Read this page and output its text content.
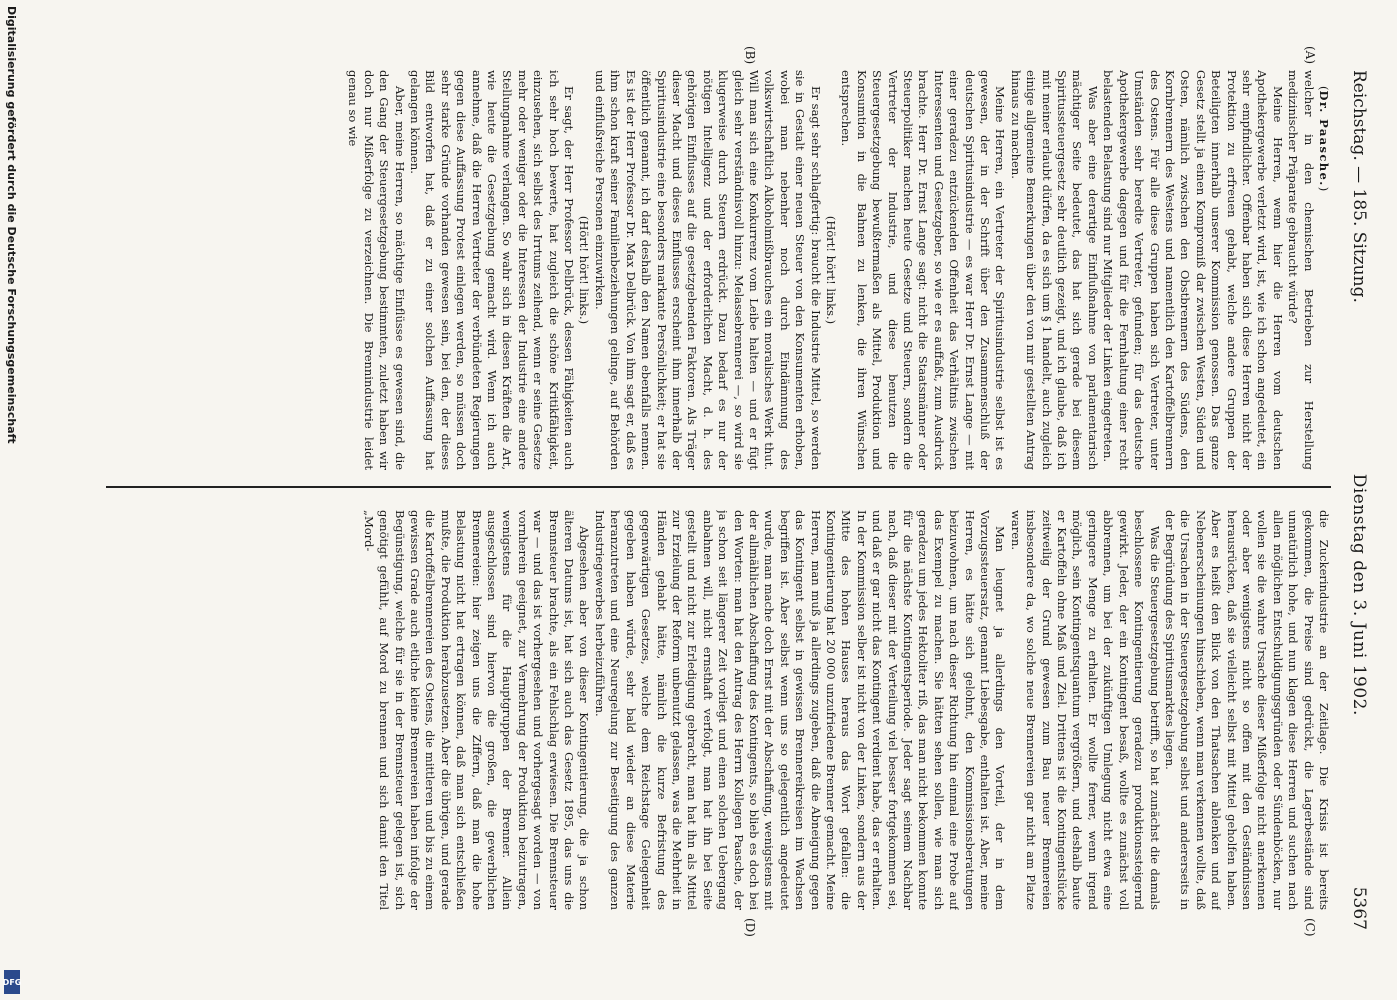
Reichstag. — 185. Sitzung.
Dienstag den 3. Juni 1902.
5367
(A)
(B)
(C)
(D)

(Dr. Paasche.)

welcher in den chemischen Betrieben zur Herstellung medizinischer Präparate gebraucht würde?

Meine Herren, wenn hier die Herren vom deutschen Apothekergewerbe verletzt wird, ist, wie ich schon angedeutet, ein sehr empfindlicher. Offenbar haben sich diese Herren nicht der Protektion zu erfreuen gehabt, welche andere Gruppen der Beteiligten innerhalb unserer Kommission genossen. Das ganze Gesetz stellt ja einen Kompromiß dar zwischen Westen, Süden und Osten, nämlich zwischen den Obstbrennern des Südens, den Kornbrennern des Westens und namentlich den Kartoffelbrennern des Ostens. Für alle diese Gruppen haben sich Vertreter, unter Umständen sehr beredte Vertreter, gefunden; für das deutsche Apothekergewerbe dagegen und für die Fernhaltung einer recht belastenden Belastung sind nur Mitglieder der Linken eingetreten.

Was aber eine derartige Einflußnahme von parlamentarisch mächtiger Seite bedeutet, das hat sich gerade bei diesem Spiritussteuergesetz sehr deutlich gezeigt, und ich glaube, daß ich mit meiner erlaubt dürfen, da es sich um § 1 handelt, auch zugleich einige allgemeine Bemerkungen über den von mir gestellten Antrag hinaus zu machen.

Meine Herren, ein Vertreter der Spiritusindustrie selbst ist es gewesen, der in der Schrift über den Zusammenschluß der deutschen Spiritusindustrie — es war Herr Dr. Ernst Lange — mit einer geradezu entzückenden Offenheit das Verhältnis zwischen Interessenten und Gesetzgeber, so wie er es auffaßt, zum Ausdruck brachte. Herr Dr. Ernst Lange sagt: nicht die Staatsmänner oder Steuerpolitiker machen heute Gesetze und Steuern, sondern die Vertreter der Industrie, und diese benutzen die Steuergesetzgebung bewußtermaßen als Mittel, Produktion und Konsumtion in die Bahnen zu lenken, die ihren Wünschen entsprechen.

(Hört! hört! links.)

Er sagt sehr schlagfertig: braucht die Industrie Mittel, so werden sie in Gestalt einer neuen Steuer von den Konsumenten erhoben, wobei man nebenher noch durch Eindämmung des volkswirtschaftlich Alkoholmißbrauches ein moralisches Werk thut. Will man sich eine Konkurrenz vom Leibe halten — und er fügt gleich sehr verständnisvoll hinzu: Melassebrennerei —, so wird sie klugerweise durch Steuern erdrückt. Dazu bedarf es nur der nötigen Intelligenz und der erforderlichen Macht, d. h. des gehörigen Einflusses auf die gesetzgebenden Faktoren. Als Träger dieser Macht und dieses Einflusses erscheint ihm innerhalb der Spiritusindustrie eine besonders markante Persönlichkeit; er hat sie öffentlich genannt, ich darf deshalb den Namen ebenfalls nennen. Es ist der Herr Professor Dr. Max Delbrück. Von ihm sagt er, daß es ihm schon kraft seiner Familienbeziehungen gelinge, auf Behörden und einflußreiche Personen einzuwirken.

(Hört! hört! links.)

Er sagt, der Herr Professor Delbrück, dessen Fähigkeiten auch ich sehr hoch bewerte, hat zugleich die schöne Kritikfähigkeit, einzusehen, sich selbst des Irrtums zeihend, wenn er seine Gesetze mehr oder weniger oder die Interessen der Industrie eine andere Stellungnahme verlangen. So wahr sich in diesen Kräften die Art, wie heute die Gesetzgebung gemacht wird. Wenn ich auch annehme, daß die Herren Vertreter der verbündeten Regierungen gegen diese Auffassung Protest einlegen werden, so müssen doch sehr starke Gründe vorhanden gewesen sein, bei den, der dieses Bild entworfen hat, daß er zu einer solchen Auffassung hat gelangen können.

Aber, meine Herren, so mächtige Einflüsse es gewesen sind, die den Gang der Steuergesetzgebung bestimmten, zuletzt haben wir doch nur Mißerfolge zu verzeichnen. Die Brennindustrie leidet genau so wie

die Zuckerindustrie an der Zeitlage. Die Krisis ist bereits gekommen, die Preise sind gedrückt, die Lagerbestände sind unnatürlich hohe, und nun klagen diese Herren und suchen nach allen möglichen Entschuldigungsgründen oder Sündenböcken, nur wollen sie die wahre Ursache dieser Mißerfolge nicht anerkennen oder aber wenigstens nicht so offen mit den Geständnissen herausrücken, daß sie vielleicht selbst mit Mittel geholfen haben. Aber es heißt den Blick von den Thatsachen ablenken und auf Nebenerscheinungen hinschieben, wenn man verkennen wollte, daß die Ursachen in der Steuergesetzgebung selbst und andererseits in der Begründung des Spiritusmarktes liegen.

Was die Steuergesetzgebung betrifft, so hat zunächst die damals beschlossene Kontingentierung geradezu produktionssteigernd gewirkt. Jeder, der ein Kontingent besaß, wollte es zunächst voll abbrennen, um bei der zukünftigen Umlegung nicht etwa eine geringere Menge zu erhalten. Er wollte ferner, wenn irgend möglich, sein Kontingentsquantum vergrößern, und deshalb baute er Kartoffeln ohne Maß und Ziel. Drittens ist die Kontingentslücke zeitweilig der Grund gewesen zum Bau neuer Brennereien insbesondere da, wo solche neue Brennereien gar nicht am Platze waren.

Man leugnet ja allerdings den Vorteil, der in dem Vorzugssteuersatz, genannt Liebesgabe, enthalten ist. Aber, meine Herren, es hätte sich gelohnt, den Kommissionsberatungen beizuwohnen, um nach dieser Richtung hin einmal eine Probe auf das Exempel zu machen. Sie hätten sehen sollen, wie man sich geradezu um jedes Hektoliter riß, das man nicht bekommen konnte für die nächste Kontingentsperiode. Jeder sagt seinem Nachbar nach, daß dieser mit der Verteilung viel besser fortgekommen sei, und daß er gar nicht das Kontingent verdient habe, das er erhalten. In der Kommission selber ist nicht von der Linken, sondern aus der Mitte des hohen Hauses heraus das Wort gefallen: die Kontingentierung hat 20 000 unzufriedene Brenner gemacht. Meine Herren, man muß ja allerdings zugeben, daß die Abneigung gegen das Kontingent selbst in gewissen Brennereikreisen im Wachsen begriffen ist. Aber selbst wenn uns so gelegentlich angedeutet wurde, man mache doch Ernst mit der Abschaffung, wenigstens mit der allmählichen Abschaffung des Kontingents, so blieb es doch bei den Worten: man hat den Antrag des Herrn Kollegen Paasche, der ja schon seit längerer Zeit vorliegt und einen solchen Uebergang anbahnen will, nicht ernsthaft verfolgt, man hat ihn bei Seite gestellt und nicht zur Erledigung gebracht, man hat ihn als Mittel zur Erzielung der Reform unbenutzt gelassen, was die Mehrheit in Händen gehabt hätte, nämlich die kurze Befristung des gegenwärtigen Gesetzes, welche dem Reichstage Gelegenheit gegeben haben würde, sehr bald wieder an diese Materie heranzutreten und eine Neuregelung zur Beseitigung des ganzen Industriegewerbes herbeizuführen.

Abgesehen aber von dieser Kontingentierung, die ja schon älteren Datums ist, hat sich auch das Gesetz 1895, das uns die Brennsteuer brachte, als ein Fehlschlag erwiesen. Die Brennsteuer war — und das ist vorhergesehen und vorhergesagt worden — von vornherein geeignet, zur Vermehrung der Produktion beizutragen, wenigstens für die Hauptgruppen der Brenner. Allein ausgeschlossen sind hiervon die großen, die gewerblichen Brennereien: hier zeigen uns die Ziffern, daß man die hohe Belastung nicht hat ertragen können, daß man sich entschließen mußte, die Produktion herabzusetzen. Aber die übrigen, und gerade die Kartoffelbrennereien des Ostens, die mittleren und bis zu einem gewissen Grade auch etliche kleine Brennereien haben infolge der Begünstigung, welche für sie in der Brennsteuer gelegen ist, sich genötigt gefühlt, auf Mord zu brennen und sich damit den Titel „Mord-

Digitalisierung gefördert durch die Deutsche Forschungsgemeinschaft
DFG
